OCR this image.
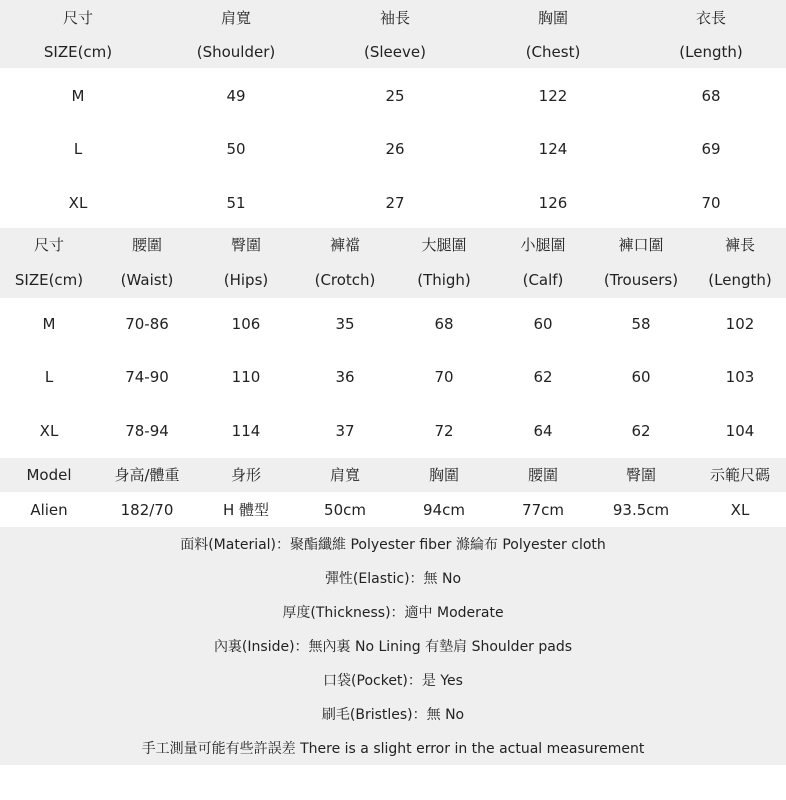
尺寸	肩寬	袖長	胸圍	衣長
SIZE(cm)	(Shoulder)	(Sleeve)	(Chest)	(Length)
M	49	25	122	68
L	50	26	124	69
XL	51	27	126	70
尺寸	腰圍	臀圍	褲襠	大腿圍	小腿圍	褲口圍	褲長
SIZE(cm)	(Waist)	(Hips)	(Crotch)	(Thigh)	(Calf)	(Trousers) (Length)
M	70-86	106	35	68	60	58	102
L	74-90	110	36	70	62	60	103
XL	78-94	114	37	72	64	62	104
Model	身高/體重	身形	肩寬	胸圍	腰圍	臀圍	示範尺碼
Alien	182/70	H 體型	50cm	94cm	77cm	93.5cm	XL
面料(Material)：聚酯纖維 Polyester fiber 滌綸布 Polyester cloth
彈性(Elastic)：無 No
厚度(Thickness)：適中 Moderate
內裏(Inside)：無內裏 No Lining 有墊肩 Shoulder pads
口袋(Pocket)：是 Yes
刷毛(Bristles)：無 No
手工測量可能有些許誤差 There is a slight error in the actual measurement
